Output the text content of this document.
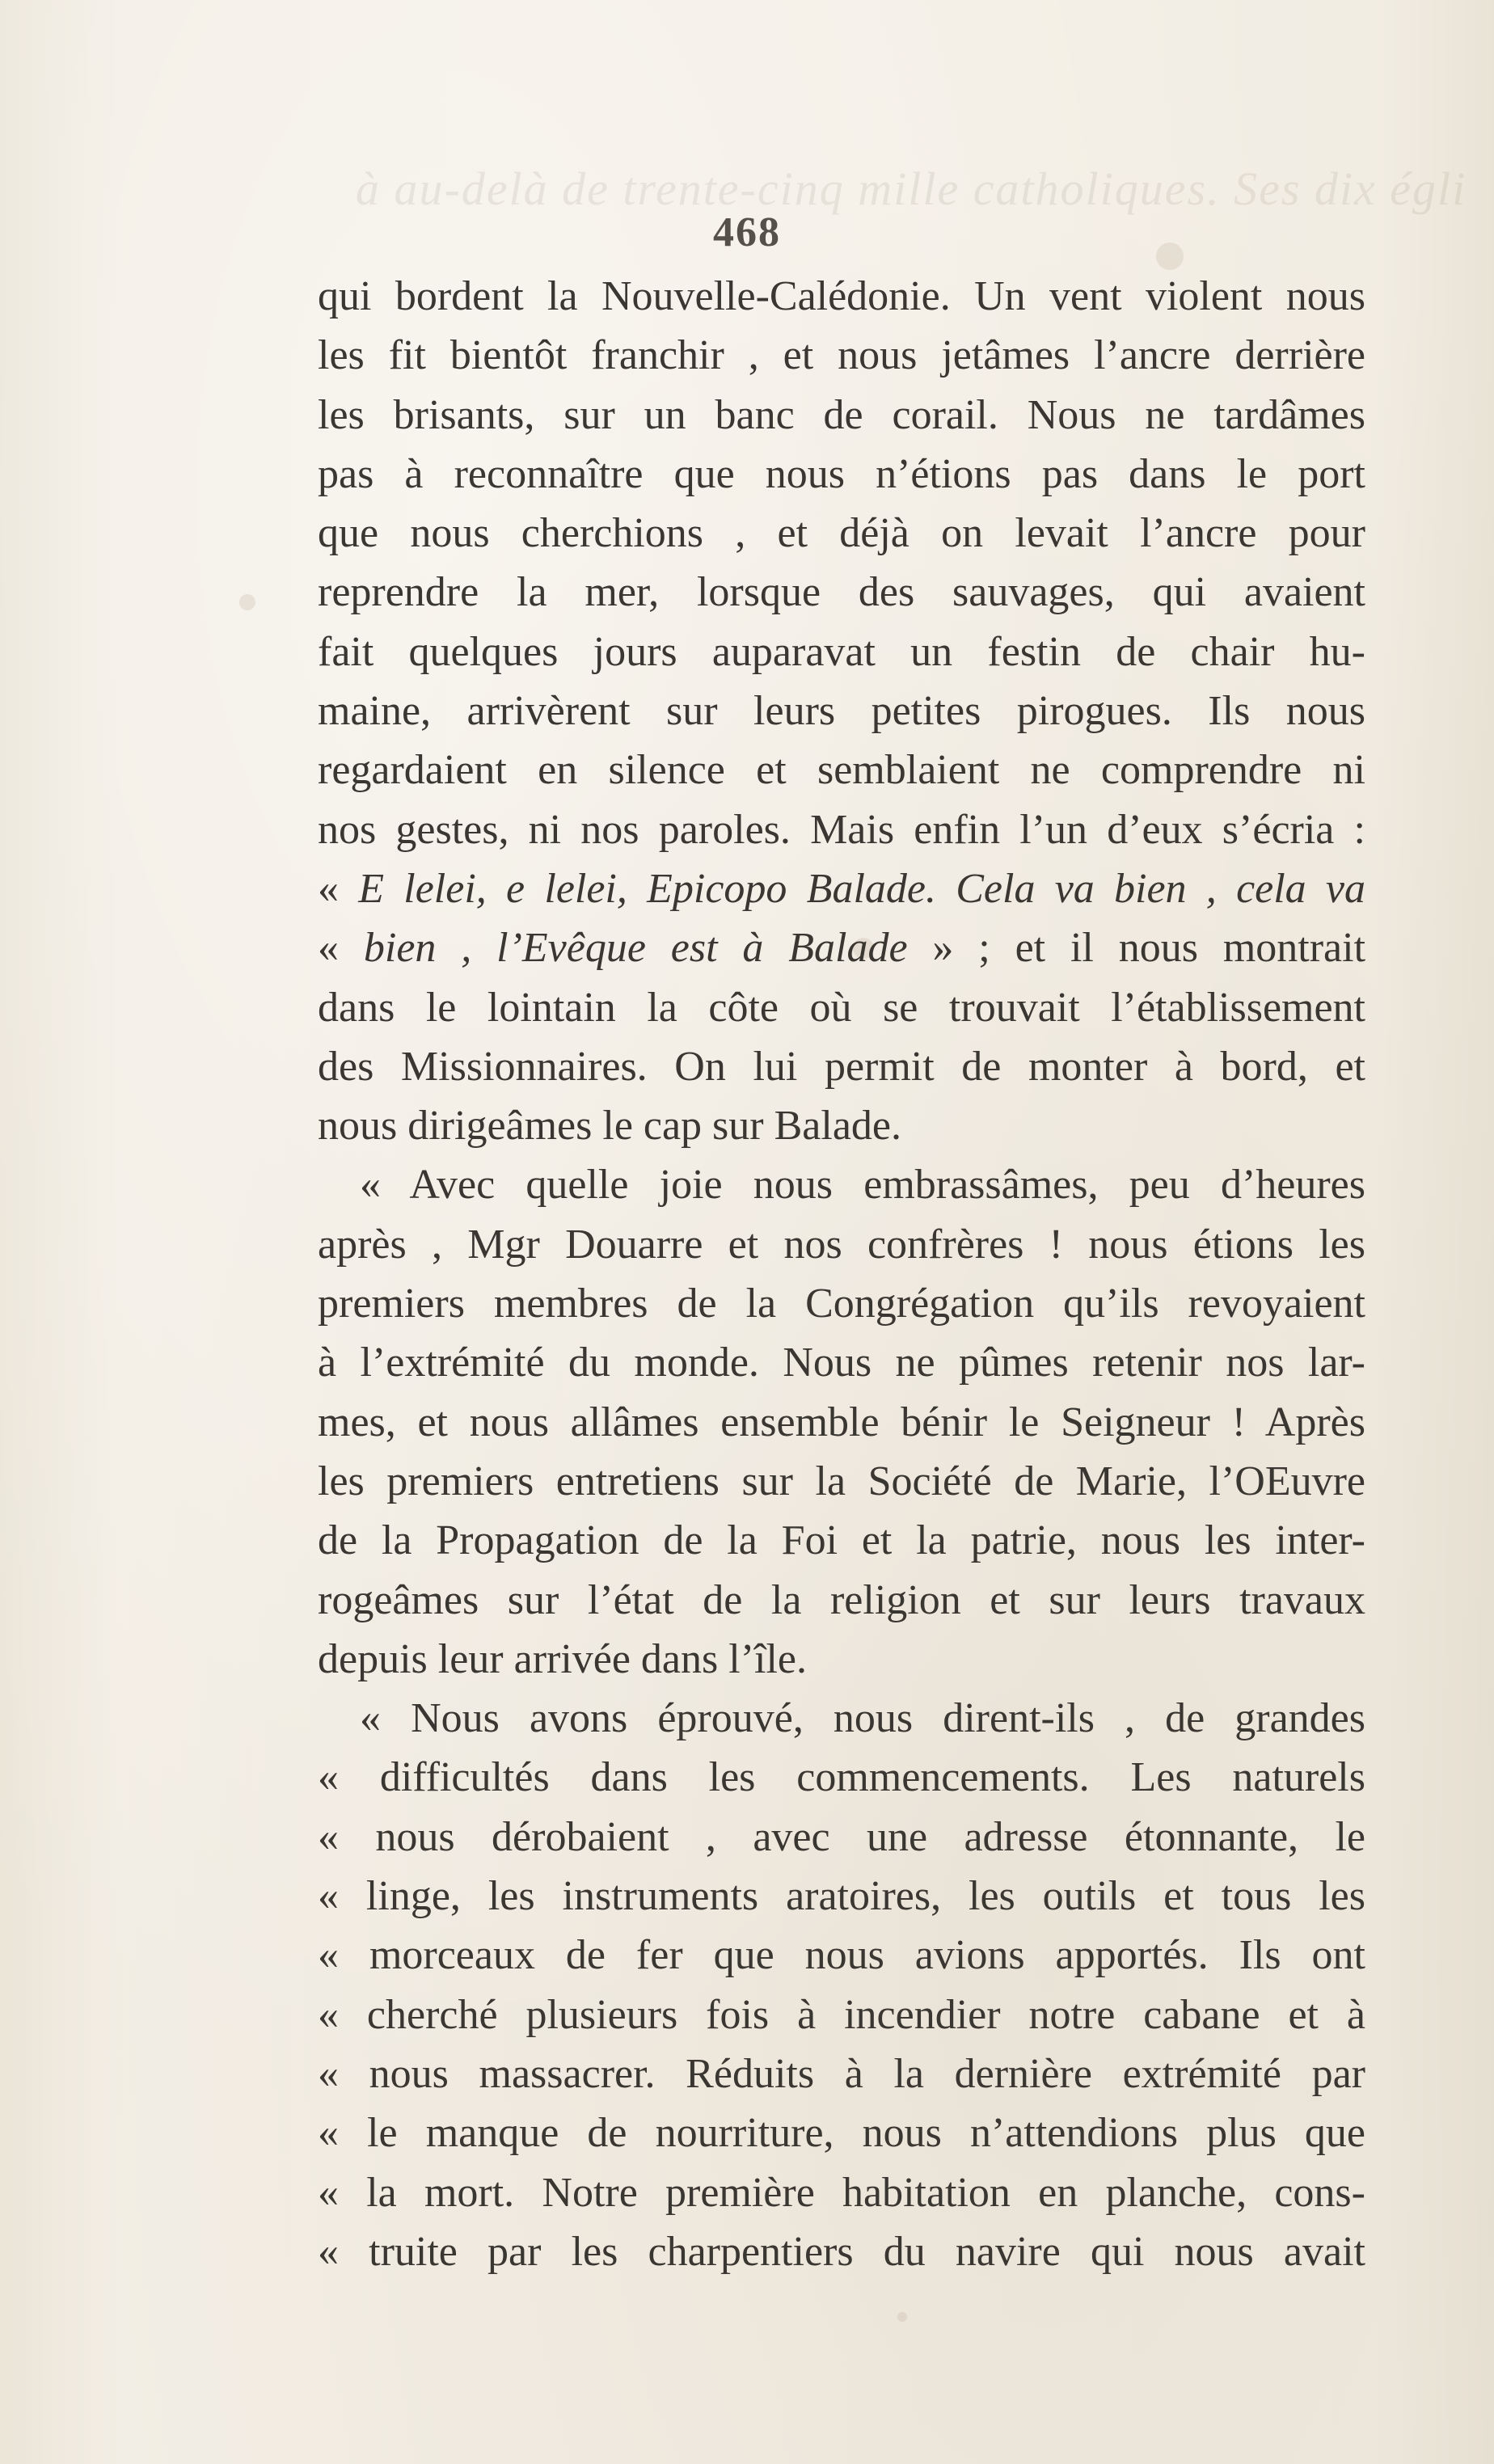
à au-delà de trente-cinq mille catholiques. Ses dix égli
468
qui bordent la Nouvelle-Calédonie. Un vent violent nous
les fit bientôt franchir , et nous jetâmes l’ancre derrière
les brisants, sur un banc de corail. Nous ne tardâmes
pas à reconnaître que nous n’étions pas dans le port
que nous cherchions , et déjà on levait l’ancre pour
reprendre la mer, lorsque des sauvages, qui avaient
fait quelques jours auparavat un festin de chair hu-
maine, arrivèrent sur leurs petites pirogues. Ils nous
regardaient en silence et semblaient ne comprendre ni
nos gestes, ni nos paroles. Mais enfin l’un d’eux s’écria :
« E lelei, e lelei, Epicopo Balade. Cela va bien , cela va
« bien , l’Evêque est à Balade » ; et il nous montrait
dans le lointain la côte où se trouvait l’établissement
des Missionnaires. On lui permit de monter à bord, et
nous dirigeâmes le cap sur Balade.
« Avec quelle joie nous embrassâmes, peu d’heures
après , Mgr Douarre et nos confrères ! nous étions les
premiers membres de la Congrégation qu’ils revoyaient
à l’extrémité du monde. Nous ne pûmes retenir nos lar-
mes, et nous allâmes ensemble bénir le Seigneur ! Après
les premiers entretiens sur la Société de Marie, l’OEuvre
de la Propagation de la Foi et la patrie, nous les inter-
rogeâmes sur l’état de la religion et sur leurs travaux
depuis leur arrivée dans l’île.
« Nous avons éprouvé, nous dirent-ils , de grandes
« difficultés dans les commencements. Les naturels
« nous dérobaient , avec une adresse étonnante, le
« linge, les instruments aratoires, les outils et tous les
« morceaux de fer que nous avions apportés. Ils ont
« cherché plusieurs fois à incendier notre cabane et à
« nous massacrer. Réduits à la dernière extrémité par
« le manque de nourriture, nous n’attendions plus que
« la mort. Notre première habitation en planche, cons-
« truite par les charpentiers du navire qui nous avait
